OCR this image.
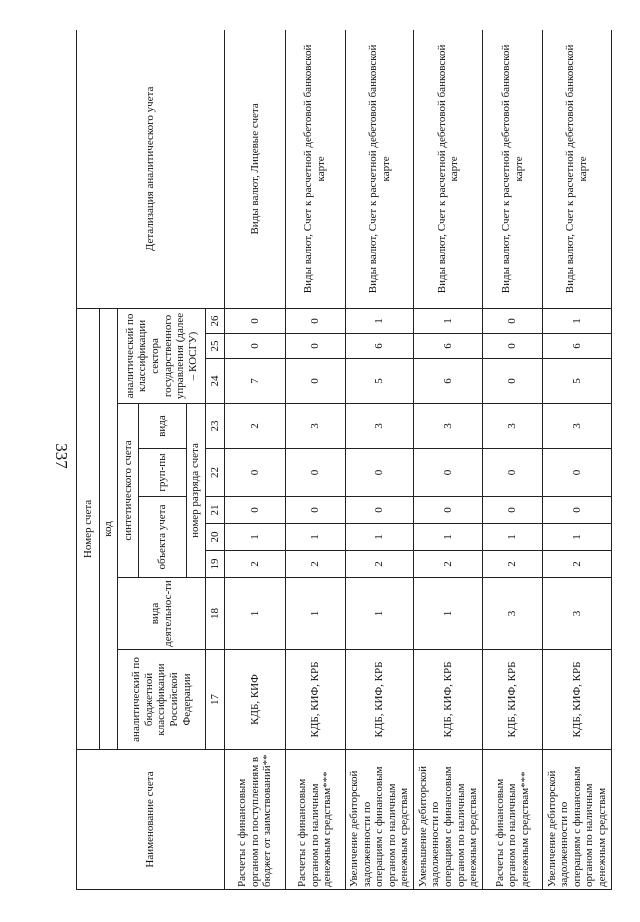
337
Наименование счета	Номер счета										Детализация аналитического учета
	код										
	аналитический по бюджетной классификации Российской Федерации	вида деятельнос-ти	синтетического счета					аналитический по классификации сектора государственного управления (далее – КОСГУ)			
			объекта учета			груп-пы	вида				
			номер разряда счета								
	17	18	19	20	21	22	23	24	25	26	
Расчеты с финансовым органом по поступлениям в бюджет от заимствований**	КДБ, КИФ	1	2	1	0	0	2	7	0	0	Виды валют, Лицевые счета
Расчеты с финансовым органом по наличным денежным средствам***	КДБ, КИФ, КРБ	1	2	1	0	0	3	0	0	0	Виды валют, Счет к расчетной дебетовой банковской карте
Увеличение дебиторской задолженности по операциям с финансовым органом по наличным денежным средствам	КДБ, КИФ, КРБ	1	2	1	0	0	3	5	6	1	Виды валют, Счет к расчетной дебетовой банковской карте
Уменьшение дебиторской задолженности по операциям с финансовым органом по наличным денежным средствам	КДБ, КИФ, КРБ	1	2	1	0	0	3	6	6	1	Виды валют, Счет к расчетной дебетовой банковской карте
Расчеты с финансовым органом по наличным денежным средствам***	КДБ, КИФ, КРБ	3	2	1	0	0	3	0	0	0	Виды валют, Счет к расчетной дебетовой банковской карте
Увеличение дебиторской задолженности по операциям с финансовым органом по наличным денежным средствам	КДБ, КИФ, КРБ	3	2	1	0	0	3	5	6	1	Виды валют, Счет к расчетной дебетовой банковской карте
